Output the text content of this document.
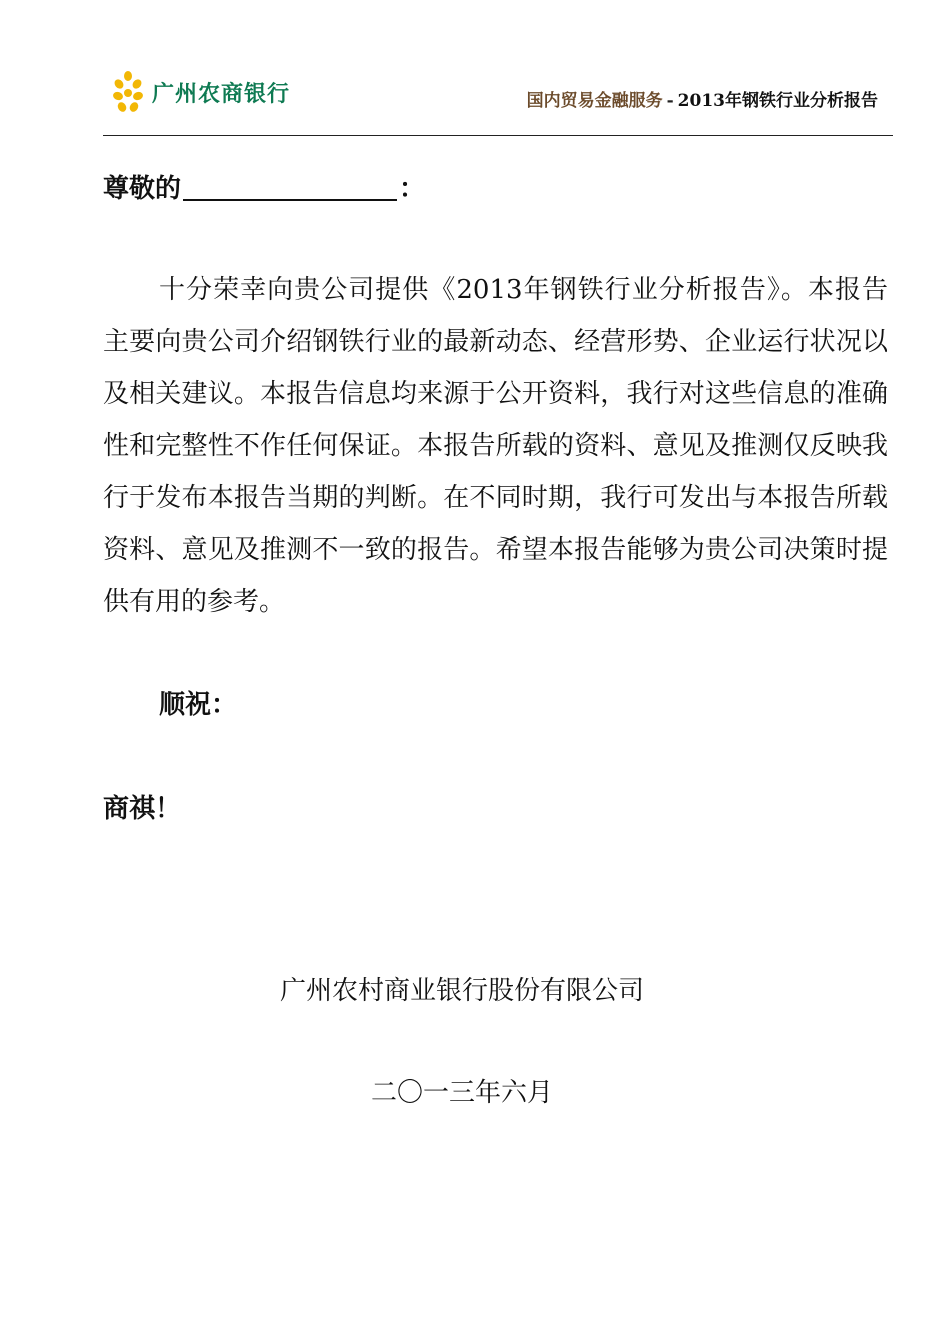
广州农商银行	国内贸易金融服务 - 2013年钢铁行业分析报告
尊敬的	：
十分荣幸向贵公司提供《2013年钢铁行业分析报告》。本报告主要向贵公司介绍钢铁行业的最新动态、经营形势、企业运行状况以及相关建议。本报告信息均来源于公开资料，我行对这些信息的准确性和完整性不作任何保证。本报告所载的资料、意见及推测仅反映我行于发布本报告当期的判断。在不同时期，我行可发出与本报告所载资料、意见及推测不一致的报告。希望本报告能够为贵公司决策时提供有用的参考。
顺祝：
商祺！
广州农村商业银行股份有限公司
二〇一三年六月
